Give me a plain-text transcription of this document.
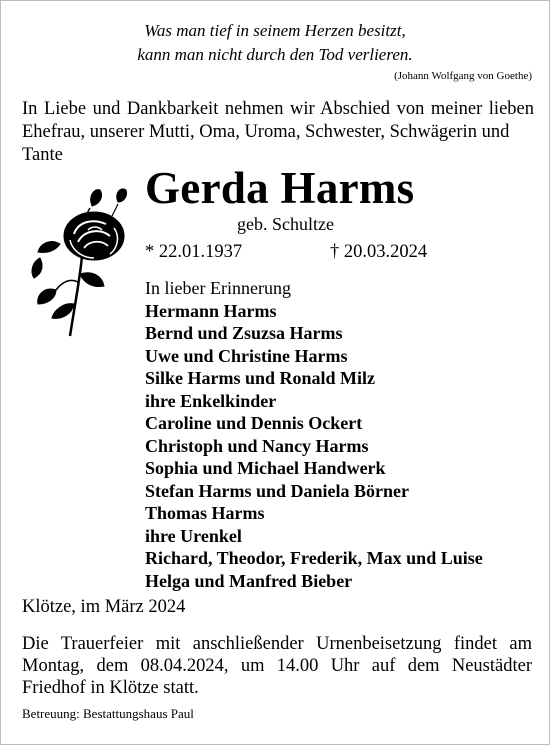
Was man tief in seinem Herzen besitzt,
kann man nicht durch den Tod verlieren.
(Johann Wolfgang von Goethe)
In Liebe und Dankbarkeit nehmen wir Abschied von meiner lieben
Ehefrau, unserer Mutti, Oma, Uroma, Schwester, Schwägerin und
Tante
Gerda Harms
geb. Schultze
* 22.01.1937	† 20.03.2024
In lieber Erinnerung
Hermann Harms
Bernd und Zsuzsa Harms
Uwe und Christine Harms
Silke Harms und Ronald Milz
ihre Enkelkinder
Caroline und Dennis Ockert
Christoph und Nancy Harms
Sophia und Michael Handwerk
Stefan Harms und Daniela Börner
Thomas Harms
ihre Urenkel
Richard, Theodor, Frederik, Max und Luise
Helga und Manfred Bieber
Klötze, im März 2024
Die Trauerfeier mit anschließender Urnenbeisetzung findet am
Montag, dem 08.04.2024, um 14.00 Uhr auf dem Neustädter
Friedhof in Klötze statt.
Betreuung: Bestattungshaus Paul
